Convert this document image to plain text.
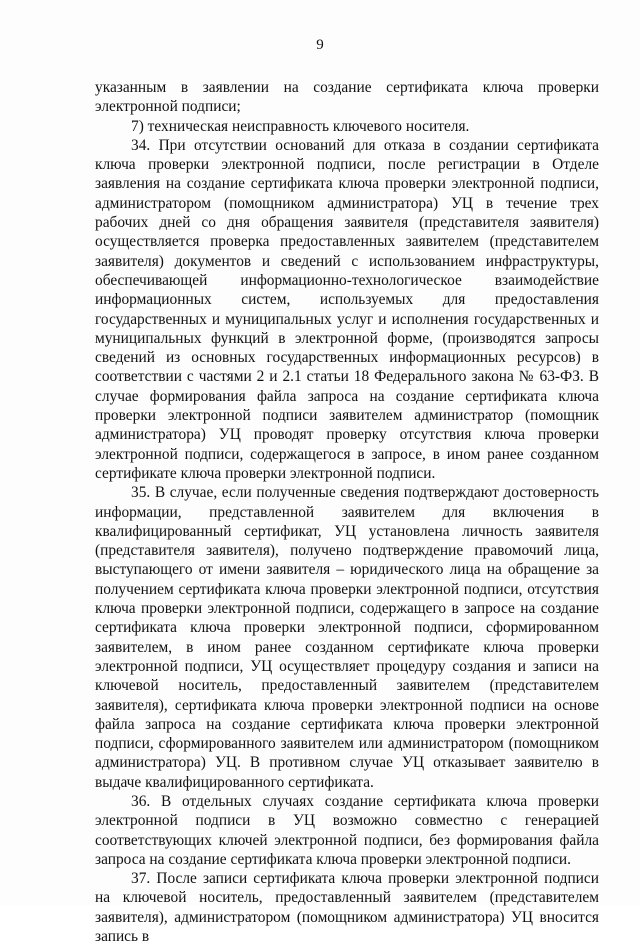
9

указанным в заявлении на создание сертификата ключа проверки электронной подписи;

7) техническая неисправность ключевого носителя.

34. При отсутствии оснований для отказа в создании сертификата ключа проверки электронной подписи, после регистрации в Отделе заявления на создание сертификата ключа проверки электронной подписи, администратором (помощником администратора) УЦ в течение трех рабочих дней со дня обращения заявителя (представителя заявителя) осуществляется проверка предоставленных заявителем (представителем заявителя) документов и сведений с использованием инфраструктуры, обеспечивающей информационно-технологическое взаимодействие информационных систем, используемых для предоставления государственных и муниципальных услуг и исполнения государственных и муниципальных функций в электронной форме, (производятся запросы сведений из основных государственных информационных ресурсов) в соответствии с частями 2 и 2.1 статьи 18 Федерального закона № 63-ФЗ. В случае формирования файла запроса на создание сертификата ключа проверки электронной подписи заявителем администратор (помощник администратора) УЦ проводят проверку отсутствия ключа проверки электронной подписи, содержащегося в запросе, в ином ранее созданном сертификате ключа проверки электронной подписи.

35. В случае, если полученные сведения подтверждают достоверность информации, представленной заявителем для включения в квалифицированный сертификат, УЦ установлена личность заявителя (представителя заявителя), получено подтверждение правомочий лица, выступающего от имени заявителя – юридического лица на обращение за получением сертификата ключа проверки электронной подписи, отсутствия ключа проверки электронной подписи, содержащего в запросе на создание сертификата ключа проверки электронной подписи, сформированном заявителем, в ином ранее созданном сертификате ключа проверки электронной подписи, УЦ осуществляет процедуру создания и записи на ключевой носитель, предоставленный заявителем (представителем заявителя), сертификата ключа проверки электронной подписи на основе файла запроса на создание сертификата ключа проверки электронной подписи, сформированного заявителем или администратором (помощником администратора) УЦ. В противном случае УЦ отказывает заявителю в выдаче квалифицированного сертификата.

36. В отдельных случаях создание сертификата ключа проверки электронной подписи в УЦ возможно совместно с генерацией соответствующих ключей электронной подписи, без формирования файла запроса на создание сертификата ключа проверки электронной подписи.

37. После записи сертификата ключа проверки электронной подписи на ключевой носитель, предоставленный заявителем (представителем заявителя), администратором (помощником администратора) УЦ вносится запись в
